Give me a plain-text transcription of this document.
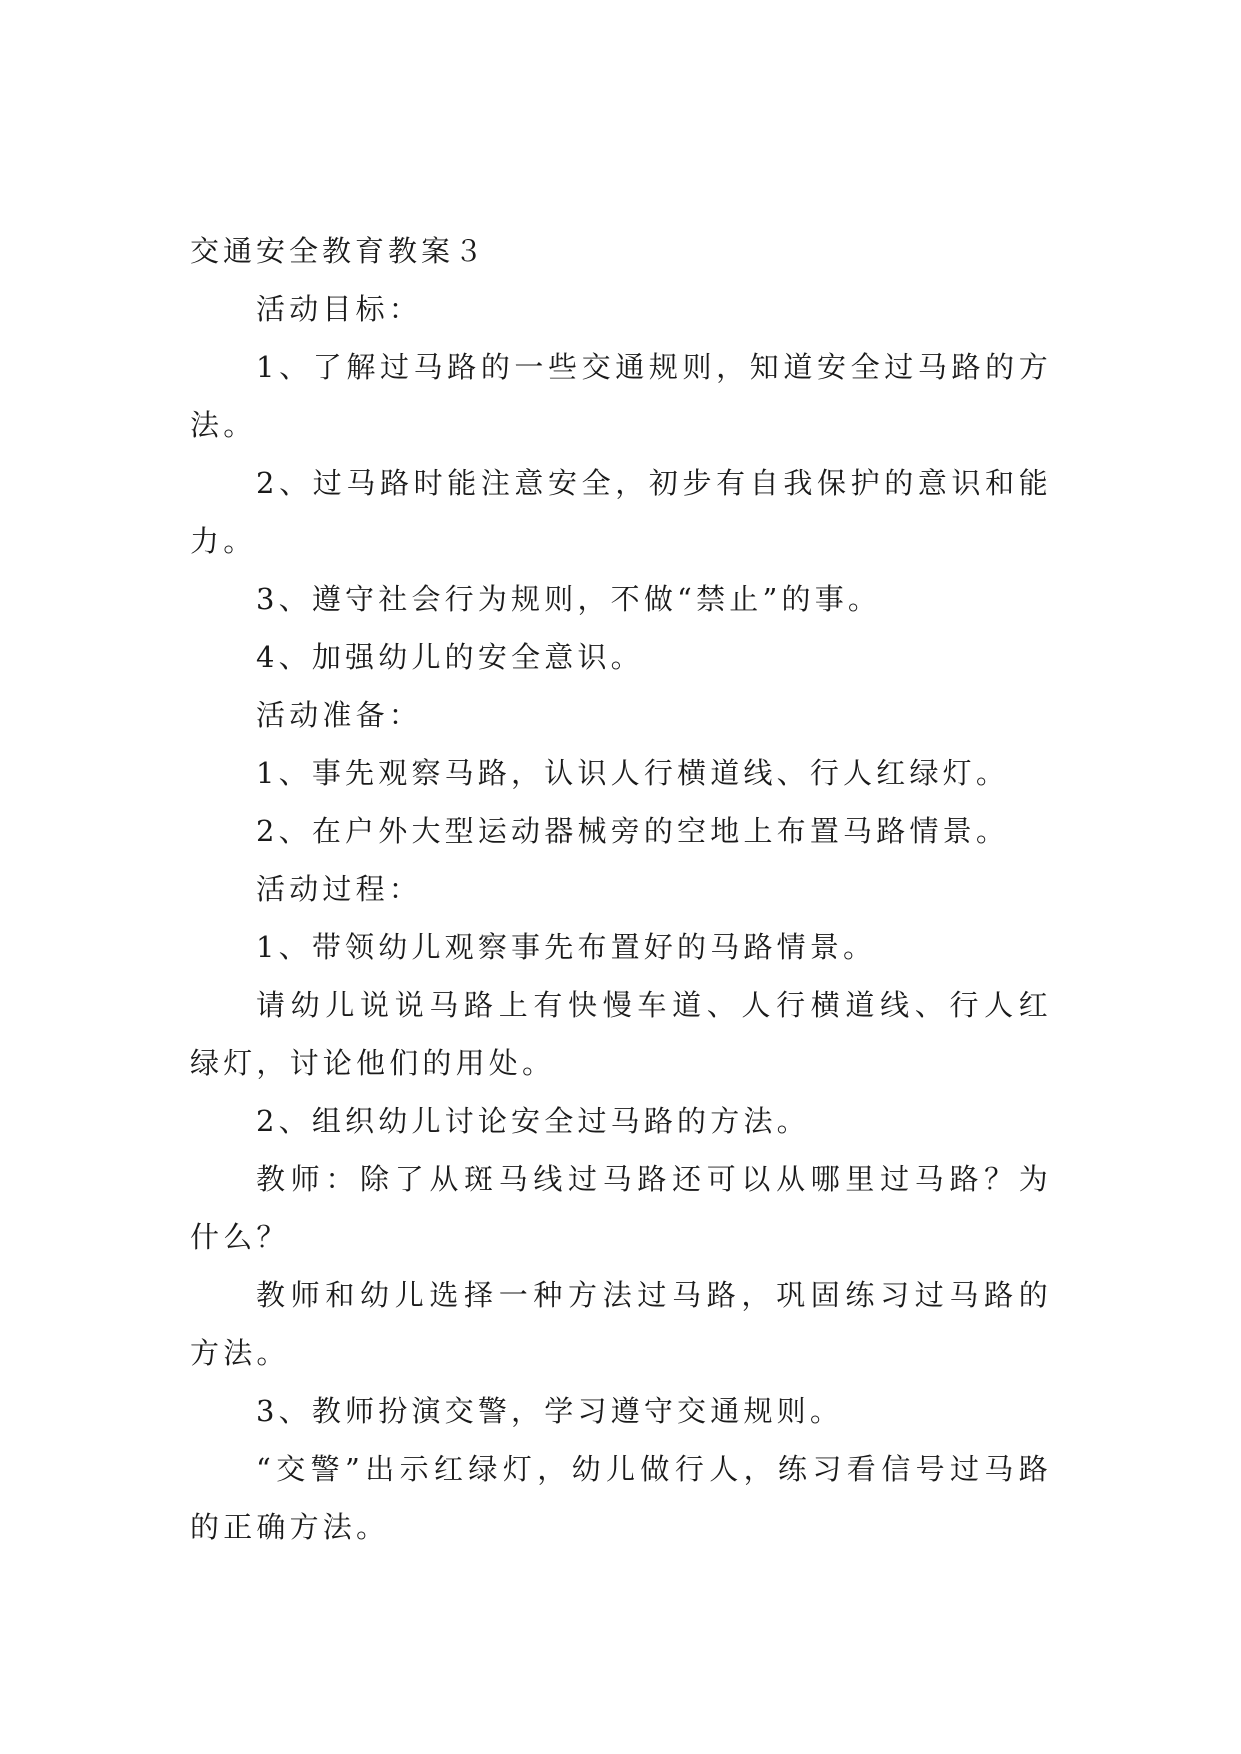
交通安全教育教案３

活动目标：

1、了解过马路的一些交通规则，知道安全过马路的方法。

2、过马路时能注意安全，初步有自我保护的意识和能力。

3、遵守社会行为规则，不做“禁止”的事。

4、加强幼儿的安全意识。

活动准备：

1、事先观察马路，认识人行横道线、行人红绿灯。

2、在户外大型运动器械旁的空地上布置马路情景。

活动过程：

1、带领幼儿观察事先布置好的马路情景。

请幼儿说说马路上有快慢车道、人行横道线、行人红绿灯，讨论他们的用处。

2、组织幼儿讨论安全过马路的方法。

教师：除了从斑马线过马路还可以从哪里过马路？为什么？

教师和幼儿选择一种方法过马路，巩固练习过马路的方法。

3、教师扮演交警，学习遵守交通规则。

“交警”出示红绿灯，幼儿做行人，练习看信号过马路的正确方法。
